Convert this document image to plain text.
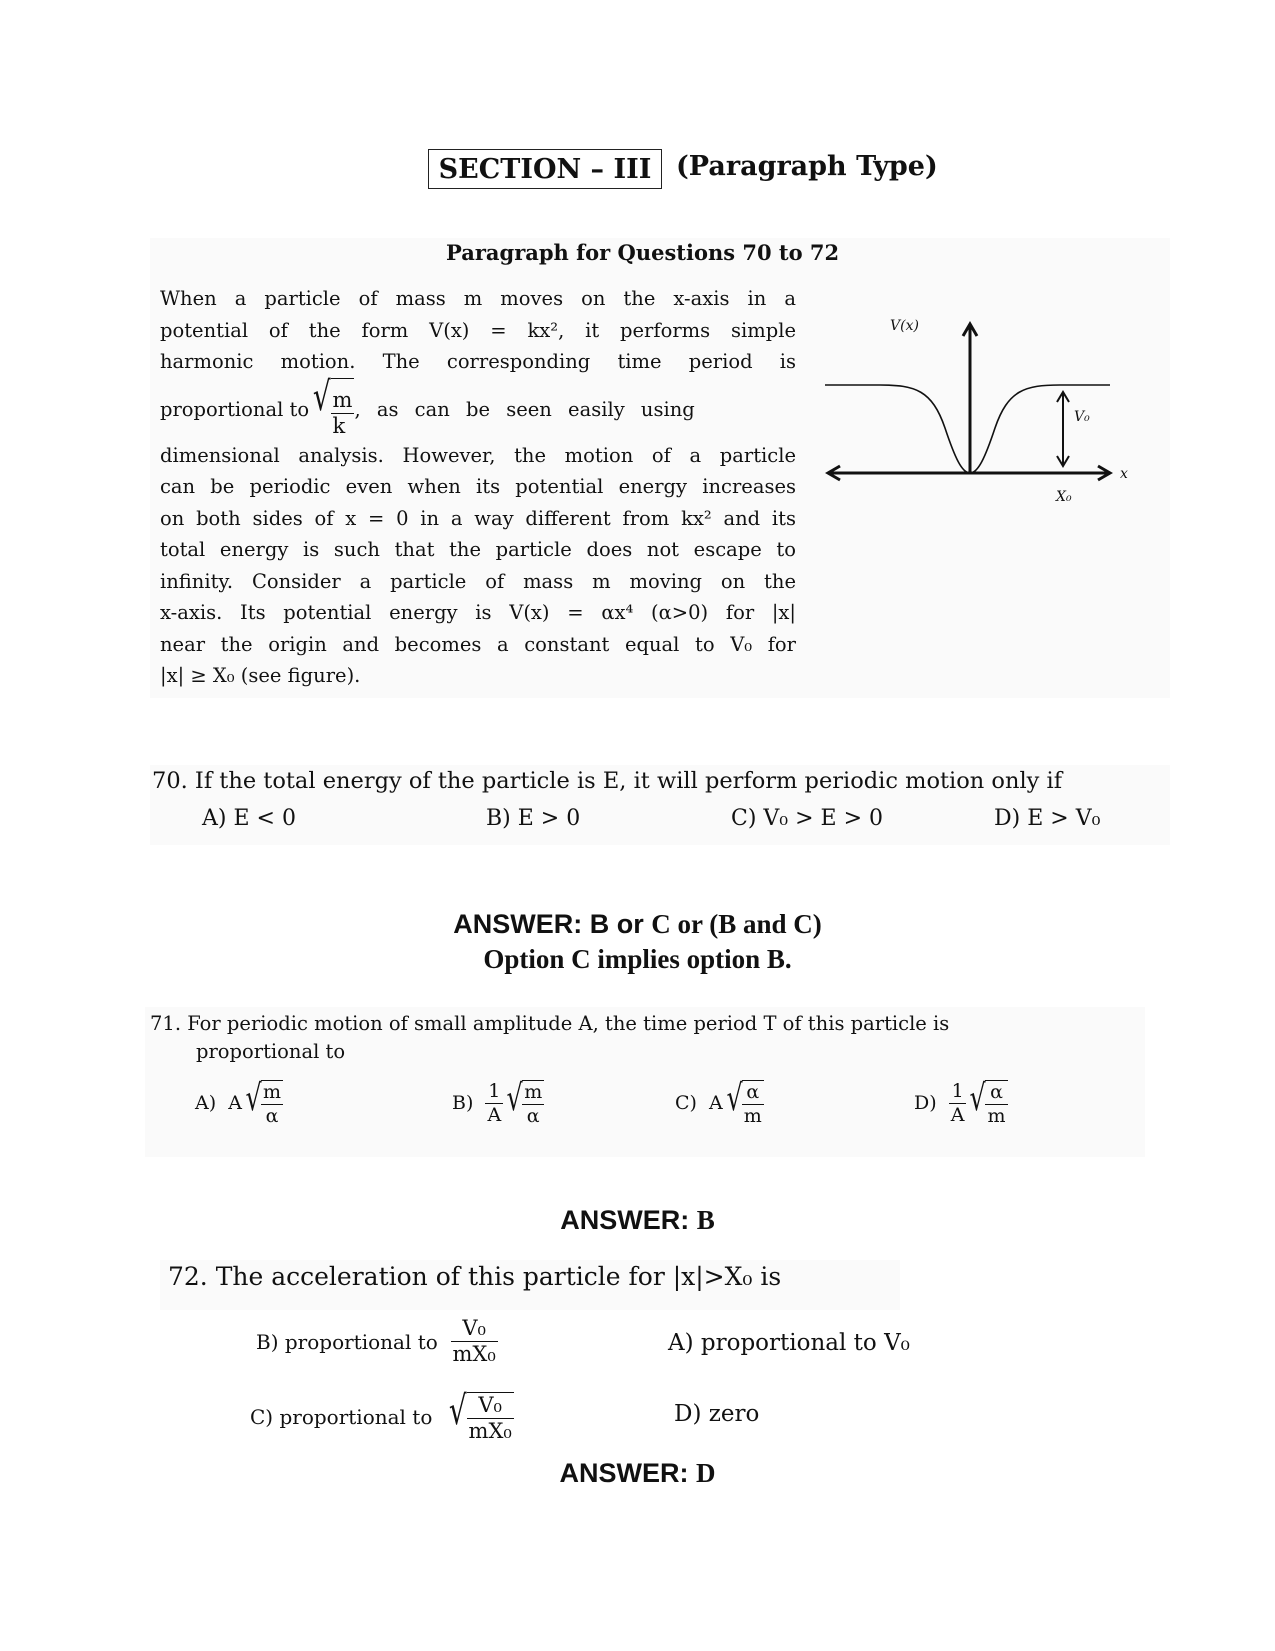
SECTION – III (Paragraph Type)
Paragraph for Questions 70 to 72
When a particle of mass m moves on the x-axis in a
potential of the form V(x) = kx², it performs simple
harmonic motion. The corresponding time period is
proportional to √ $\frac{m}{k}$ , as can be seen easily using
dimensional analysis. However, the motion of a particle
can be periodic even when its potential energy increases
on both sides of x = 0 in a way different from kx² and its
total energy is such that the particle does not escape to
infinity. Consider a particle of mass m moving on the
x-axis. Its potential energy is V(x) = αx⁴ (α>0) for |x|
near the origin and becomes a constant equal to V₀ for
|x| ≥ X₀ (see figure).
V(x)
x
V₀
X₀
70. If the total energy of the particle is E, it will perform periodic motion only if
A) E < 0	B) E > 0	C) V₀ > E > 0	D) E > V₀
ANSWER: B or C or (B and C)
Option C implies option B.
71. For periodic motion of small amplitude A, the time period T of this particle is
proportional to
A)
A √ $\frac{m}{\alpha}$	B)
$\frac{1}{A}$ √ $\frac{m}{\alpha}$	C)
A √ $\frac{\alpha}{m}$	D)
$\frac{1}{A}$ √ $\frac{\alpha}{m}$
ANSWER: B
72. The acceleration of this particle for |x|>X₀ is
B) proportional to
$\frac{\text{V₀}}{\text{mX₀}}$	A) proportional to V₀
C) proportional to
√ $\frac{\text{V₀}}{\text{mX₀}}$	D) zero
ANSWER: D
